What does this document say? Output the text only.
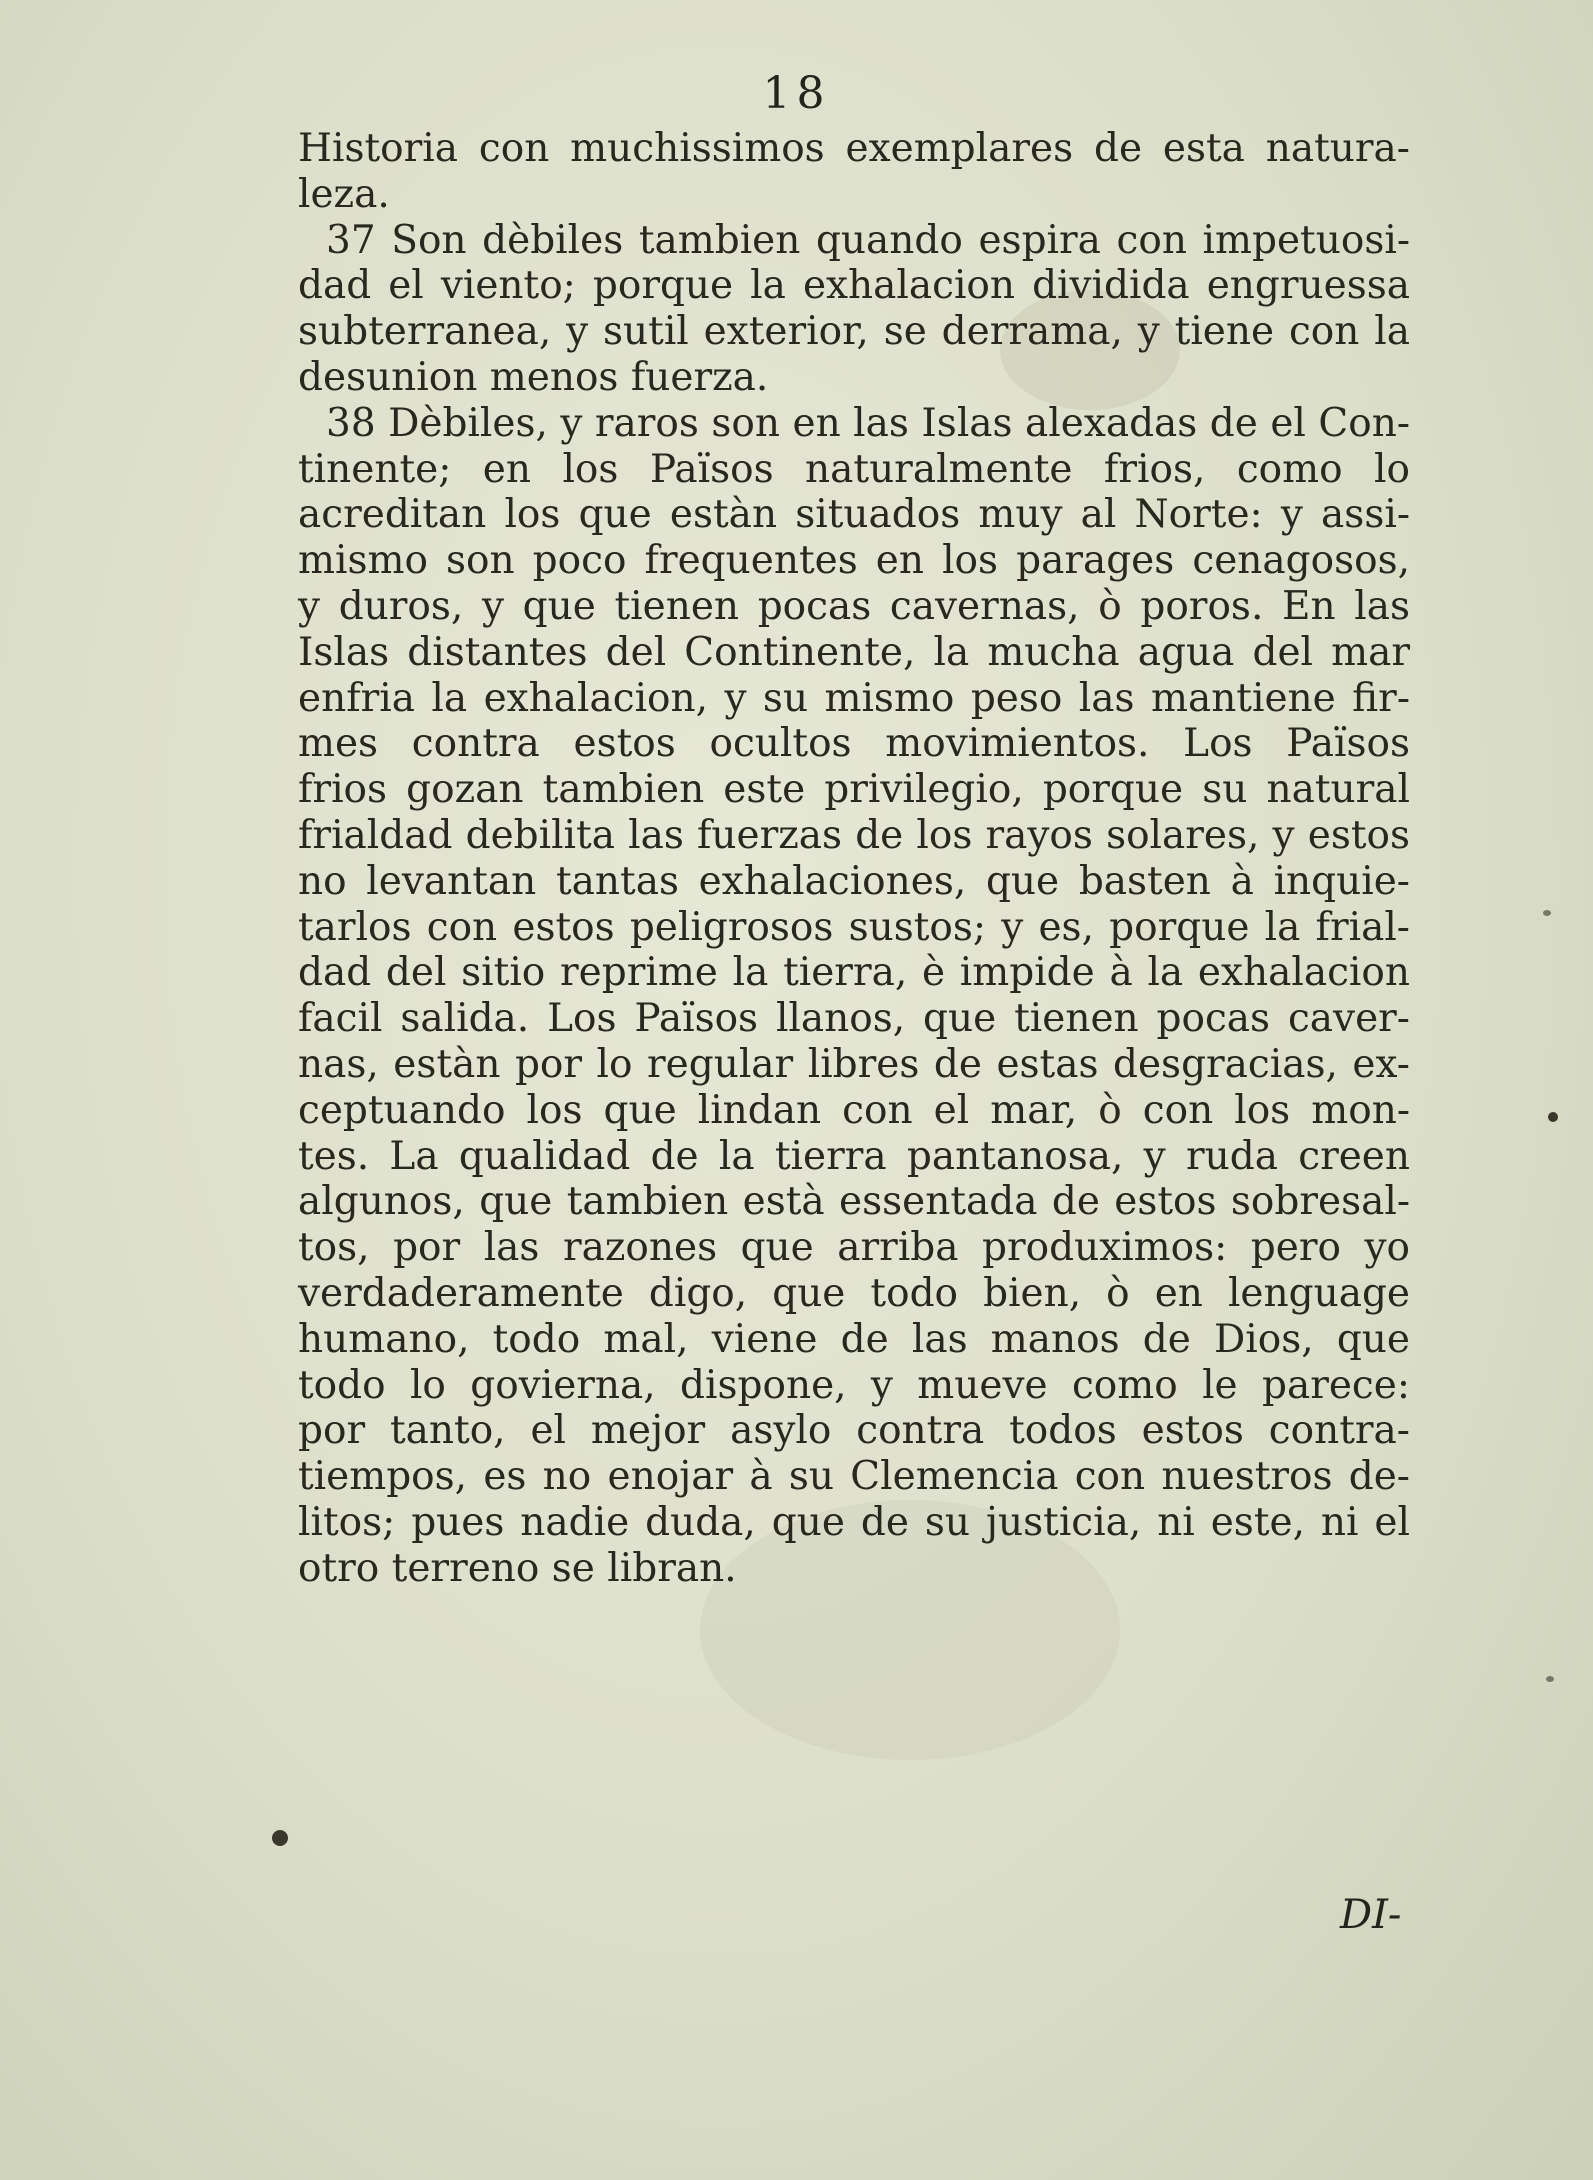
18
Historia con muchissimos exemplares de esta natura-
leza.
37 Son dèbiles tambien quando espira con impetuosi-
dad el viento; porque la exhalacion dividida engruessa
subterranea, y sutil exterior, se derrama, y tiene con la
desunion menos fuerza.
38 Dèbiles, y raros son en las Islas alexadas de el Con-
tinente; en los Països naturalmente frios, como lo
acreditan los que estàn situados muy al Norte: y assi-
mismo son poco frequentes en los parages cenagosos,
y duros, y que tienen pocas cavernas, ò poros. En las
Islas distantes del Continente, la mucha agua del mar
enfria la exhalacion, y su mismo peso las mantiene fir-
mes contra estos ocultos movimientos. Los Països
frios gozan tambien este privilegio, porque su natural
frialdad debilita las fuerzas de los rayos solares, y estos
no levantan tantas exhalaciones, que basten à inquie-
tarlos con estos peligrosos sustos; y es, porque la frial-
dad del sitio reprime la tierra, è impide à la exhalacion
facil salida. Los Països llanos, que tienen pocas caver-
nas, estàn por lo regular libres de estas desgracias, ex-
ceptuando los que lindan con el mar, ò con los mon-
tes. La qualidad de la tierra pantanosa, y ruda creen
algunos, que tambien està essentada de estos sobresal-
tos, por las razones que arriba produximos: pero yo
verdaderamente digo, que todo bien, ò en lenguage
humano, todo mal, viene de las manos de Dios, que
todo lo govierna, dispone, y mueve como le parece:
por tanto, el mejor asylo contra todos estos contra-
tiempos, es no enojar à su Clemencia con nuestros de-
litos; pues nadie duda, que de su justicia, ni este, ni el
otro terreno se libran.
DI-
